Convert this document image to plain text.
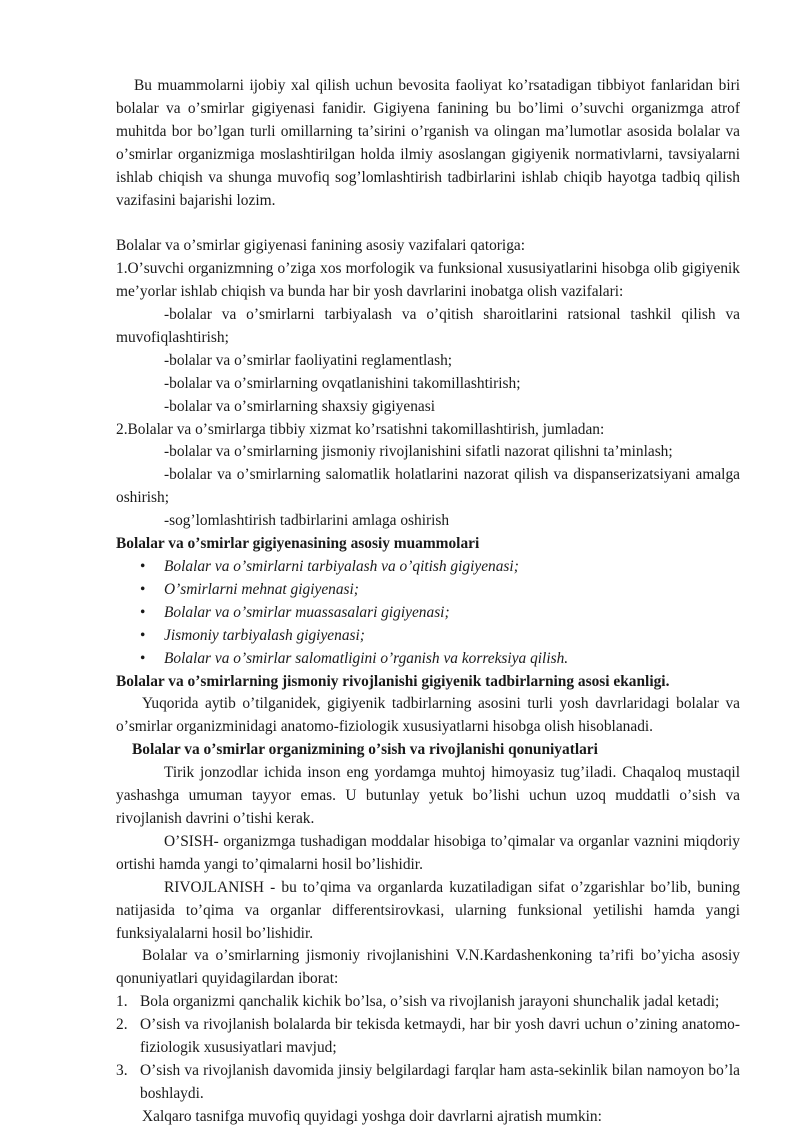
Bu muammolarni ijobiy xal qilish uchun bevosita faoliyat koʼrsatadigan tibbiyot fanlaridan biri bolalar va oʼsmirlar gigiyenasi fanidir. Gigiyena fanining bu boʼlimi oʼsuvchi organizmga atrof muhitda bor boʼlgan turli omillarning taʼsirini oʼrganish va olingan maʼlumotlar asosida bolalar va oʼsmirlar organizmiga moslashtirilgan holda ilmiy asoslangan gigiyenik normativlarni, tavsiyalarni ishlab chiqish va shunga muvofiq sogʼlomlashtirish tadbirlarini ishlab chiqib hayotga tadbiq qilish vazifasini bajarishi lozim.

Bolalar va oʼsmirlar gigiyenasi fanining asosiy vazifalari qatoriga:

1.Oʼsuvchi organizmning oʼziga xos morfologik va funksional xususiyatlarini hisobga olib gigiyenik meʼyorlar ishlab chiqish va bunda har bir yosh davrlarini inobatga olish vazifalari:

-bolalar va oʼsmirlarni tarbiyalash va oʼqitish sharoitlarini ratsional tashkil qilish va muvofiqlashtirish;

-bolalar va oʼsmirlar faoliyatini reglamentlash;

-bolalar va oʼsmirlarning ovqatlanishini takomillashtirish;

-bolalar va oʼsmirlarning shaxsiy gigiyenasi

2.Bolalar va oʼsmirlarga tibbiy xizmat koʼrsatishni takomillashtirish, jumladan:

-bolalar va oʼsmirlarning jismoniy rivojlanishini sifatli nazorat qilishni taʼminlash;

-bolalar va oʼsmirlarning salomatlik holatlarini nazorat qilish va dispanserizatsiyani amalga oshirish;

-sogʼlomlashtirish tadbirlarini amlaga oshirish

Bolalar va oʼsmirlar gigiyenasining asosiy muammolari

• Bolalar va oʼsmirlarni tarbiyalash va oʼqitish gigiyenasi;
• Oʼsmirlarni mehnat gigiyenasi;
• Bolalar va oʼsmirlar muassasalari gigiyenasi;
• Jismoniy tarbiyalash gigiyenasi;
• Bolalar va oʼsmirlar salomatligini oʼrganish va korreksiya qilish.

Bolalar va oʼsmirlarning jismoniy rivojlanishi gigiyenik tadbirlarning asosi ekanligi.

Yuqorida aytib oʼtilganidek, gigiyenik tadbirlarning asosini turli yosh davrlaridagi bolalar va oʼsmirlar organizminidagi anatomo-fiziologik xususiyatlarni hisobga olish hisoblanadi.

Bolalar va oʼsmirlar organizmining oʼsish va rivojlanishi qonuniyatlari

Tirik jonzodlar ichida inson eng yordamga muhtoj himoyasiz tugʼiladi. Chaqaloq mustaqil yashashga umuman tayyor emas. U butunlay yetuk boʼlishi uchun uzoq muddatli oʼsish va rivojlanish davrini oʼtishi kerak.

OʼSISH- organizmga tushadigan moddalar hisobiga toʼqimalar va organlar vaznini miqdoriy ortishi hamda yangi toʼqimalarni hosil boʼlishidir.

RIVOJLANISH - bu toʼqima va organlarda kuzatiladigan sifat oʼzgarishlar boʼlib, buning natijasida toʼqima va organlar differentsirovkasi, ularning funksional yetilishi hamda yangi funksiyalalarni hosil boʼlishidir.

Bolalar va oʼsmirlarning jismoniy rivojlanishini V.N.Kardashenkoning taʼrifi boʼyicha asosiy qonuniyatlari quyidagilardan iborat:

1. Bola organizmi qanchalik kichik boʼlsa, oʼsish va rivojlanish jarayoni shunchalik jadal ketadi;
2. Oʼsish va rivojlanish bolalarda bir tekisda ketmaydi, har bir yosh davri uchun oʼzining anatomo-fiziologik xususiyatlari mavjud;
3. Oʼsish va rivojlanish davomida jinsiy belgilardagi farqlar ham asta-sekinlik bilan namoyon boʼla boshlaydi.

Xalqaro tasnifga muvofiq quyidagi yoshga doir davrlarni ajratish mumkin:
